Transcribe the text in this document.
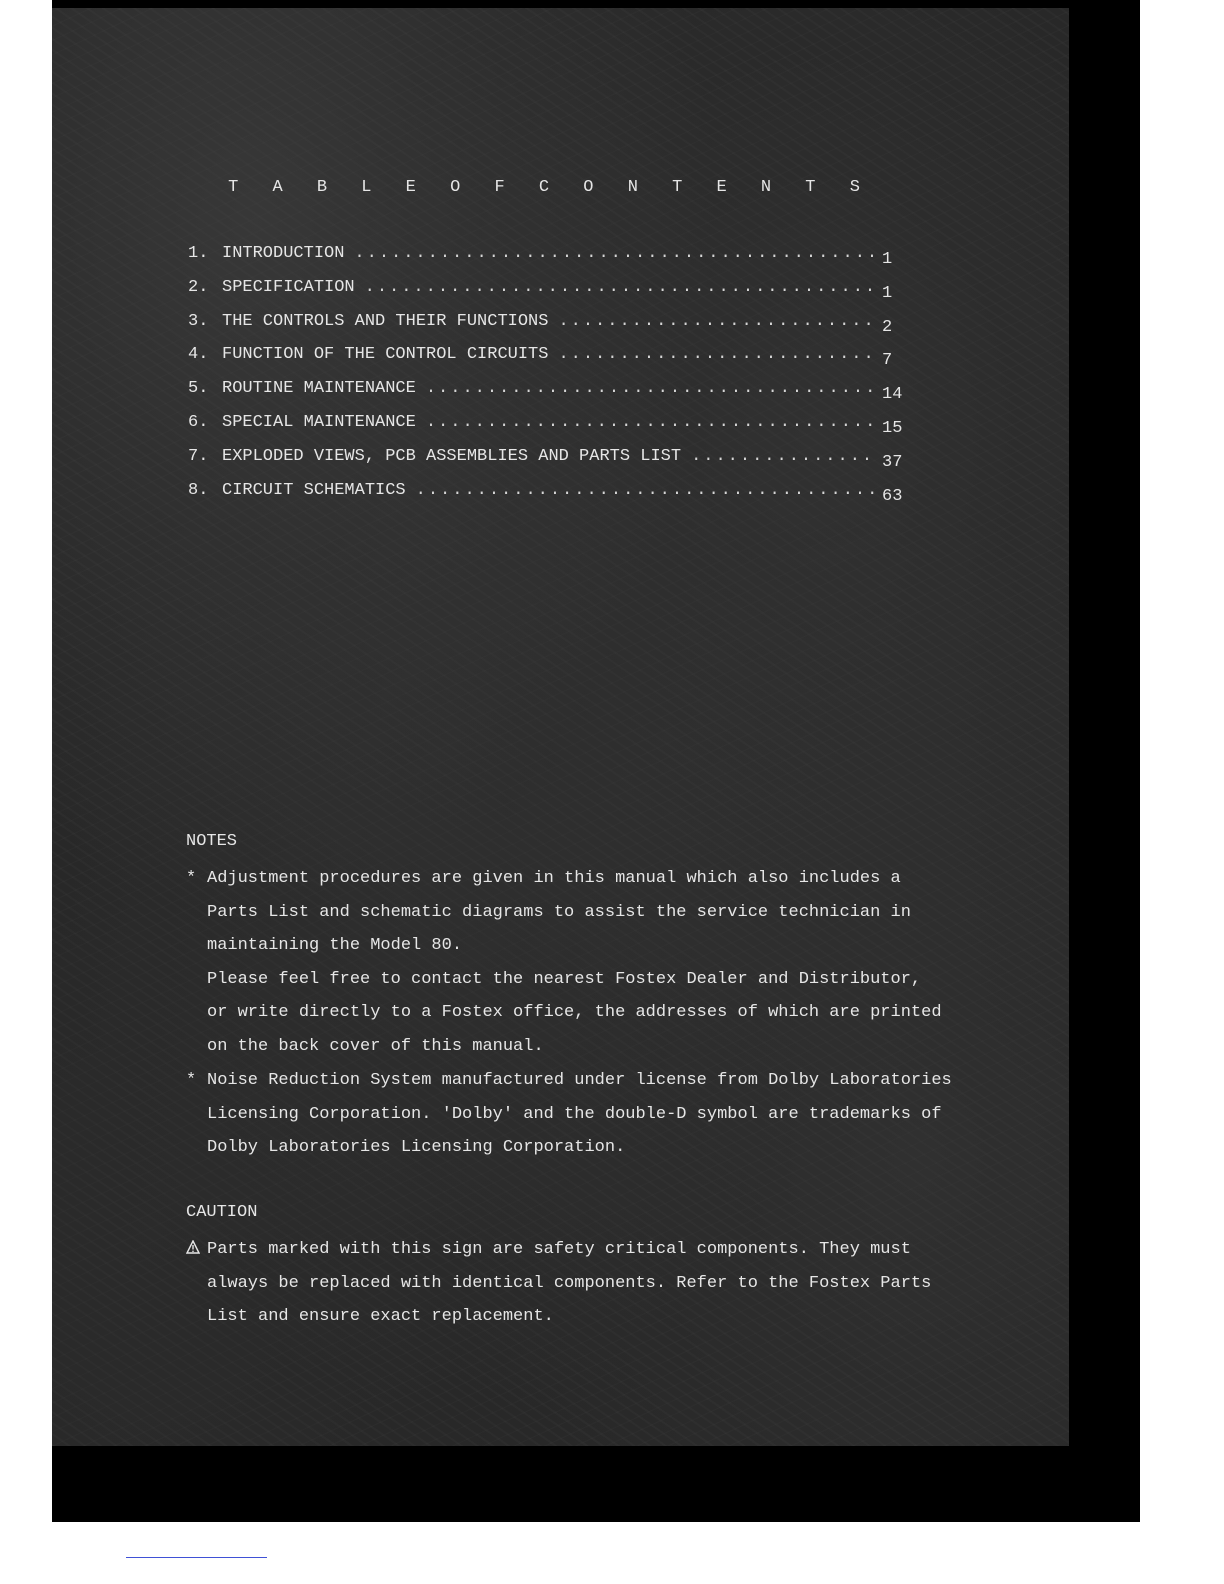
T A B L E O F C O N T E N T S
1. INTRODUCTION .....	1
2. SPECIFICATION .....	1
3. THE CONTROLS AND THEIR FUNCTIONS .....	2
4. FUNCTION OF THE CONTROL CIRCUITS .....	7
5. ROUTINE MAINTENANCE .....	14
6. SPECIAL MAINTENANCE .....	15
7. EXPLODED VIEWS, PCB ASSEMBLIES AND PARTS LIST .....	37
8. CIRCUIT SCHEMATICS .....	63
NOTES
* Adjustment procedures are given in this manual which also includes a
Parts List and schematic diagrams to assist the service technician in
maintaining the Model 80.
Please feel free to contact the nearest Fostex Dealer and Distributor,
or write directly to a Fostex office, the addresses of which are printed
on the back cover of this manual.
* Noise Reduction System manufactured under license from Dolby Laboratories
Licensing Corporation. 'Dolby' and the double-D symbol are trademarks of
Dolby Laboratories Licensing Corporation.
CAUTION
Parts marked with this sign are safety critical components. They must
always be replaced with identical components. Refer to the Fostex Parts
List and ensure exact replacement.
